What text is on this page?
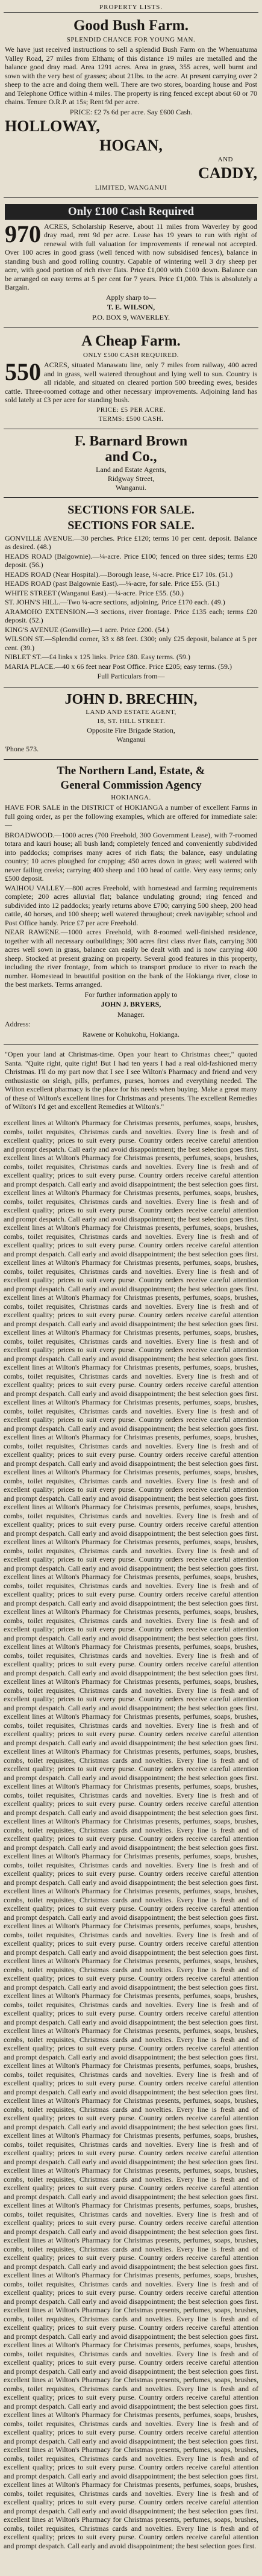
PROPERTY LISTS.
Good Bush Farm.
SPLENDID CHANCE FOR YOUNG MAN.
We have just received instructions to sell a splendid Bush Farm on the Whenuatuma Valley Road, 27 miles from Eltham; of this distance 19 miles are metalled and the balance good dray road. Area 1291 acres. Area in grass, 355 acres, well burnt and sown with the very best of grasses; about 21lbs. to the acre. At present carrying over 2 sheep to the acre and doing them well. There are two stores, boarding house and Post and Telephone Office within 4 miles. The property is ring fenced except about 60 or 70 chains. Tenure O.R.P. at 15s; Rent 9d per acre.
PRICE: £2 7s 6d per acre. Say £600 Cash.
HOLLOWAY,
HOGAN,
AND
CADDY,
LIMITED, WANGANUI
Only £100 Cash Required
970 ACRES, Scholarship Reserve, about 11 miles from Waverley by good dray road, rent 9d per acre. Lease has 19 years to run with right of renewal with full valuation for improvements if renewal not accepted. Over 100 acres in good grass (well fenced with now subsidised fences), balance in standing bush and good rolling country. Capable of wintering well 3 dry sheep per acre, with good portion of rich river flats. Price £1,000 with £100 down. Balance can be arranged on easy terms at 5 per cent for 7 years. Price £1,000. This is absolutely a Bargain.
Apply sharp to—
T. E. WILSON,
P.O. BOX 9, WAVERLEY.
A Cheap Farm.
ONLY £500 CASH REQUIRED.
550 ACRES, situated Manawatu line, only 7 miles from railway, 400 acred and in grass, well watered throughout and lying well to sun. Country is all ridable, and situated on cleared portion 500 breeding ewes, besides cattle. Three-roomed cottage and other necessary improvements. Adjoining land has sold lately at £3 per acre for standing bush.
PRICE: £5 PER ACRE.
TERMS: £500 CASH.
F. Barnard Brown
and Co.,
Land and Estate Agents,
Ridgway Street,
Wanganui.
SECTIONS FOR SALE.
SECTIONS FOR SALE.
GONVILLE AVENUE.—30 perches. Price £120; terms 10 per cent. deposit. Balance as desired. (48.)
HEADS ROAD (Balgownie).—¼-acre. Price £100; fenced on three sides; terms £20 deposit. (56.)
HEADS ROAD (Near Hospital).—Borough lease, ¼-acre. Price £17 10s. (51.)
HEADS ROAD (past Balgownie East).—¼-acre, for sale. Price £55. (51.)
WHITE STREET (Wanganui East).—¼-acre. Price £55. (50.)
ST. JOHN'S HILL.—Two ¼-acre sections, adjoining. Price £170 each. (49.)
ARAMOHO EXTENSION.—3 sections, river frontage. Price £135 each; terms £20 deposit. (52.)
KING'S AVENUE (Gonville).—1 acre. Price £200. (54.)
WILSON ST.—Splendid corner, 33 x 88 feet. £300; only £25 deposit, balance at 5 per cent. (39.)
NIBLET ST.—£4 links x 125 links. Price £80. Easy terms. (59.)
MARIA PLACE.—40 x 66 feet near Post Office. Price £205; easy terms. (59.)
Full Particulars from—
JOHN D. BRECHIN,
LAND AND ESTATE AGENT,
18, ST. HILL STREET.
Opposite Fire Brigade Station,
Wanganui
'Phone 573.
The Northern Land, Estate, &
General Commission Agency
HOKIANGA.
HAVE FOR SALE in the DISTRICT of HOKIANGA a number of excellent Farms in full going order, as per the following examples, which are offered for immediate sale:—
BROADWOOD.—1000 acres (700 Freehold, 300 Government Lease), with 7-roomed totara and kauri house; all bush land; completely fenced and conveniently subdivided into paddocks; comprises many acres of rich flats; the balance, easy undulating country; 10 acres ploughed for cropping; 450 acres down in grass; well watered with never failing creeks; carrying 400 sheep and 100 head of cattle. Very easy terms; only £500 deposit.
WAIHOU VALLEY.—800 acres Freehold, with homestead and farming requirements complete; 200 acres alluvial flat; balance undulating ground; ring fenced and subdivided into 12 paddocks; yearly returns above £700; carrying 500 sheep, 200 head cattle, 40 horses, and 100 sheep; well watered throughout; creek navigable; school and Post Office handy. Price £7 per acre Freehold.
NEAR RAWENE.—1000 acres Freehold, with 8-roomed well-finished residence, together with all necessary outbuildings; 300 acres first class river flats, carrying 300 acres well sown in grass, balance can easily be dealt with and is now carrying 400 sheep. Stocked at present grazing on property. Several good features in this property, including the river frontage, from which to transport produce to river to reach the number. Homestead in beautiful position on the bank of the Hokianga river, close to the best markets. Terms arranged.
For further information apply to
JOHN J. BRYERS,
Manager.
Address:
Rawene or Kohukohu, Hokianga.
"Open your land at Christmas-time. Open your heart to Christmas cheer," quoted Santa. "Quite right, quite right! But I had ten years I had a real old-fashioned merry Christmas. I'll do my part now that I see I see Wilton's Pharmacy and friend and very enthusiastic on sleigh, pills, perfumes, purses, horrors and everything needed. The Wilton excellent pharmacy is the place for his needs when buying. Make a great many of these of Wilton's excellent lines for Christmas and presents. The excellent Remedies of Wilton's I'd get and excellent Remedies at Wilton's."
excellent lines at Wilton's Pharmacy for Christmas presents, perfumes, soaps, brushes, combs, toilet requisites, Christmas cards and novelties. Every line is fresh and of excellent quality; prices to suit every purse. Country orders receive careful attention and prompt despatch. Call early and avoid disappointment; the best selection goes first. excellent lines at Wilton's Pharmacy for Christmas presents, perfumes, soaps, brushes, combs, toilet requisites, Christmas cards and novelties. Every line is fresh and of excellent quality; prices to suit every purse. Country orders receive careful attention and prompt despatch. Call early and avoid disappointment; the best selection goes first. excellent lines at Wilton's Pharmacy for Christmas presents, perfumes, soaps, brushes, combs, toilet requisites, Christmas cards and novelties. Every line is fresh and of excellent quality; prices to suit every purse. Country orders receive careful attention and prompt despatch. Call early and avoid disappointment; the best selection goes first. excellent lines at Wilton's Pharmacy for Christmas presents, perfumes, soaps, brushes, combs, toilet requisites, Christmas cards and novelties. Every line is fresh and of excellent quality; prices to suit every purse. Country orders receive careful attention and prompt despatch. Call early and avoid disappointment; the best selection goes first. excellent lines at Wilton's Pharmacy for Christmas presents, perfumes, soaps, brushes, combs, toilet requisites, Christmas cards and novelties. Every line is fresh and of excellent quality; prices to suit every purse. Country orders receive careful attention and prompt despatch. Call early and avoid disappointment; the best selection goes first. excellent lines at Wilton's Pharmacy for Christmas presents, perfumes, soaps, brushes, combs, toilet requisites, Christmas cards and novelties. Every line is fresh and of excellent quality; prices to suit every purse. Country orders receive careful attention and prompt despatch. Call early and avoid disappointment; the best selection goes first. excellent lines at Wilton's Pharmacy for Christmas presents, perfumes, soaps, brushes, combs, toilet requisites, Christmas cards and novelties. Every line is fresh and of excellent quality; prices to suit every purse. Country orders receive careful attention and prompt despatch. Call early and avoid disappointment; the best selection goes first. excellent lines at Wilton's Pharmacy for Christmas presents, perfumes, soaps, brushes, combs, toilet requisites, Christmas cards and novelties. Every line is fresh and of excellent quality; prices to suit every purse. Country orders receive careful attention and prompt despatch. Call early and avoid disappointment; the best selection goes first. excellent lines at Wilton's Pharmacy for Christmas presents, perfumes, soaps, brushes, combs, toilet requisites, Christmas cards and novelties. Every line is fresh and of excellent quality; prices to suit every purse. Country orders receive careful attention and prompt despatch. Call early and avoid disappointment; the best selection goes first. excellent lines at Wilton's Pharmacy for Christmas presents, perfumes, soaps, brushes, combs, toilet requisites, Christmas cards and novelties. Every line is fresh and of excellent quality; prices to suit every purse. Country orders receive careful attention and prompt despatch. Call early and avoid disappointment; the best selection goes first. excellent lines at Wilton's Pharmacy for Christmas presents, perfumes, soaps, brushes, combs, toilet requisites, Christmas cards and novelties. Every line is fresh and of excellent quality; prices to suit every purse. Country orders receive careful attention and prompt despatch. Call early and avoid disappointment; the best selection goes first. excellent lines at Wilton's Pharmacy for Christmas presents, perfumes, soaps, brushes, combs, toilet requisites, Christmas cards and novelties. Every line is fresh and of excellent quality; prices to suit every purse. Country orders receive careful attention and prompt despatch. Call early and avoid disappointment; the best selection goes first. excellent lines at Wilton's Pharmacy for Christmas presents, perfumes, soaps, brushes, combs, toilet requisites, Christmas cards and novelties. Every line is fresh and of excellent quality; prices to suit every purse. Country orders receive careful attention and prompt despatch. Call early and avoid disappointment; the best selection goes first. excellent lines at Wilton's Pharmacy for Christmas presents, perfumes, soaps, brushes, combs, toilet requisites, Christmas cards and novelties. Every line is fresh and of excellent quality; prices to suit every purse. Country orders receive careful attention and prompt despatch. Call early and avoid disappointment; the best selection goes first. excellent lines at Wilton's Pharmacy for Christmas presents, perfumes, soaps, brushes, combs, toilet requisites, Christmas cards and novelties. Every line is fresh and of excellent quality; prices to suit every purse. Country orders receive careful attention and prompt despatch. Call early and avoid disappointment; the best selection goes first. excellent lines at Wilton's Pharmacy for Christmas presents, perfumes, soaps, brushes, combs, toilet requisites, Christmas cards and novelties. Every line is fresh and of excellent quality; prices to suit every purse. Country orders receive careful attention and prompt despatch. Call early and avoid disappointment; the best selection goes first. excellent lines at Wilton's Pharmacy for Christmas presents, perfumes, soaps, brushes, combs, toilet requisites, Christmas cards and novelties. Every line is fresh and of excellent quality; prices to suit every purse. Country orders receive careful attention and prompt despatch. Call early and avoid disappointment; the best selection goes first. excellent lines at Wilton's Pharmacy for Christmas presents, perfumes, soaps, brushes, combs, toilet requisites, Christmas cards and novelties. Every line is fresh and of excellent quality; prices to suit every purse. Country orders receive careful attention and prompt despatch. Call early and avoid disappointment; the best selection goes first. excellent lines at Wilton's Pharmacy for Christmas presents, perfumes, soaps, brushes, combs, toilet requisites, Christmas cards and novelties. Every line is fresh and of excellent quality; prices to suit every purse. Country orders receive careful attention and prompt despatch. Call early and avoid disappointment; the best selection goes first. excellent lines at Wilton's Pharmacy for Christmas presents, perfumes, soaps, brushes, combs, toilet requisites, Christmas cards and novelties. Every line is fresh and of excellent quality; prices to suit every purse. Country orders receive careful attention and prompt despatch. Call early and avoid disappointment; the best selection goes first. excellent lines at Wilton's Pharmacy for Christmas presents, perfumes, soaps, brushes, combs, toilet requisites, Christmas cards and novelties. Every line is fresh and of excellent quality; prices to suit every purse. Country orders receive careful attention and prompt despatch. Call early and avoid disappointment; the best selection goes first. excellent lines at Wilton's Pharmacy for Christmas presents, perfumes, soaps, brushes, combs, toilet requisites, Christmas cards and novelties. Every line is fresh and of excellent quality; prices to suit every purse. Country orders receive careful attention and prompt despatch. Call early and avoid disappointment; the best selection goes first. excellent lines at Wilton's Pharmacy for Christmas presents, perfumes, soaps, brushes, combs, toilet requisites, Christmas cards and novelties. Every line is fresh and of excellent quality; prices to suit every purse. Country orders receive careful attention and prompt despatch. Call early and avoid disappointment; the best selection goes first. excellent lines at Wilton's Pharmacy for Christmas presents, perfumes, soaps, brushes, combs, toilet requisites, Christmas cards and novelties. Every line is fresh and of excellent quality; prices to suit every purse. Country orders receive careful attention and prompt despatch. Call early and avoid disappointment; the best selection goes first. excellent lines at Wilton's Pharmacy for Christmas presents, perfumes, soaps, brushes, combs, toilet requisites, Christmas cards and novelties. Every line is fresh and of excellent quality; prices to suit every purse. Country orders receive careful attention and prompt despatch. Call early and avoid disappointment; the best selection goes first. excellent lines at Wilton's Pharmacy for Christmas presents, perfumes, soaps, brushes, combs, toilet requisites, Christmas cards and novelties. Every line is fresh and of excellent quality; prices to suit every purse. Country orders receive careful attention and prompt despatch. Call early and avoid disappointment; the best selection goes first. excellent lines at Wilton's Pharmacy for Christmas presents, perfumes, soaps, brushes, combs, toilet requisites, Christmas cards and novelties. Every line is fresh and of excellent quality; prices to suit every purse. Country orders receive careful attention and prompt despatch. Call early and avoid disappointment; the best selection goes first. excellent lines at Wilton's Pharmacy for Christmas presents, perfumes, soaps, brushes, combs, toilet requisites, Christmas cards and novelties. Every line is fresh and of excellent quality; prices to suit every purse. Country orders receive careful attention and prompt despatch. Call early and avoid disappointment; the best selection goes first. excellent lines at Wilton's Pharmacy for Christmas presents, perfumes, soaps, brushes, combs, toilet requisites, Christmas cards and novelties. Every line is fresh and of excellent quality; prices to suit every purse. Country orders receive careful attention and prompt despatch. Call early and avoid disappointment; the best selection goes first. excellent lines at Wilton's Pharmacy for Christmas presents, perfumes, soaps, brushes, combs, toilet requisites, Christmas cards and novelties. Every line is fresh and of excellent quality; prices to suit every purse. Country orders receive careful attention and prompt despatch. Call early and avoid disappointment; the best selection goes first. excellent lines at Wilton's Pharmacy for Christmas presents, perfumes, soaps, brushes, combs, toilet requisites, Christmas cards and novelties. Every line is fresh and of excellent quality; prices to suit every purse. Country orders receive careful attention and prompt despatch. Call early and avoid disappointment; the best selection goes first. excellent lines at Wilton's Pharmacy for Christmas presents, perfumes, soaps, brushes, combs, toilet requisites, Christmas cards and novelties. Every line is fresh and of excellent quality; prices to suit every purse. Country orders receive careful attention and prompt despatch. Call early and avoid disappointment; the best selection goes first. excellent lines at Wilton's Pharmacy for Christmas presents, perfumes, soaps, brushes, combs, toilet requisites, Christmas cards and novelties. Every line is fresh and of excellent quality; prices to suit every purse. Country orders receive careful attention and prompt despatch. Call early and avoid disappointment; the best selection goes first. excellent lines at Wilton's Pharmacy for Christmas presents, perfumes, soaps, brushes, combs, toilet requisites, Christmas cards and novelties. Every line is fresh and of excellent quality; prices to suit every purse. Country orders receive careful attention and prompt despatch. Call early and avoid disappointment; the best selection goes first. excellent lines at Wilton's Pharmacy for Christmas presents, perfumes, soaps, brushes, combs, toilet requisites, Christmas cards and novelties. Every line is fresh and of excellent quality; prices to suit every purse. Country orders receive careful attention and prompt despatch. Call early and avoid disappointment; the best selection goes first. excellent lines at Wilton's Pharmacy for Christmas presents, perfumes, soaps, brushes, combs, toilet requisites, Christmas cards and novelties. Every line is fresh and of excellent quality; prices to suit every purse. Country orders receive careful attention and prompt despatch. Call early and avoid disappointment; the best selection goes first. excellent lines at Wilton's Pharmacy for Christmas presents, perfumes, soaps, brushes, combs, toilet requisites, Christmas cards and novelties. Every line is fresh and of excellent quality; prices to suit every purse. Country orders receive careful attention and prompt despatch. Call early and avoid disappointment; the best selection goes first. excellent lines at Wilton's Pharmacy for Christmas presents, perfumes, soaps, brushes, combs, toilet requisites, Christmas cards and novelties. Every line is fresh and of excellent quality; prices to suit every purse. Country orders receive careful attention and prompt despatch. Call early and avoid disappointment; the best selection goes first. excellent lines at Wilton's Pharmacy for Christmas presents, perfumes, soaps, brushes, combs, toilet requisites, Christmas cards and novelties. Every line is fresh and of excellent quality; prices to suit every purse. Country orders receive careful attention and prompt despatch. Call early and avoid disappointment; the best selection goes first. excellent lines at Wilton's Pharmacy for Christmas presents, perfumes, soaps, brushes, combs, toilet requisites, Christmas cards and novelties. Every line is fresh and of excellent quality; prices to suit every purse. Country orders receive careful attention and prompt despatch. Call early and avoid disappointment; the best selection goes first. excellent lines at Wilton's Pharmacy for Christmas presents, perfumes, soaps, brushes, combs, toilet requisites, Christmas cards and novelties. Every line is fresh and of excellent quality; prices to suit every purse. Country orders receive careful attention and prompt despatch. Call early and avoid disappointment; the best selection goes first.
